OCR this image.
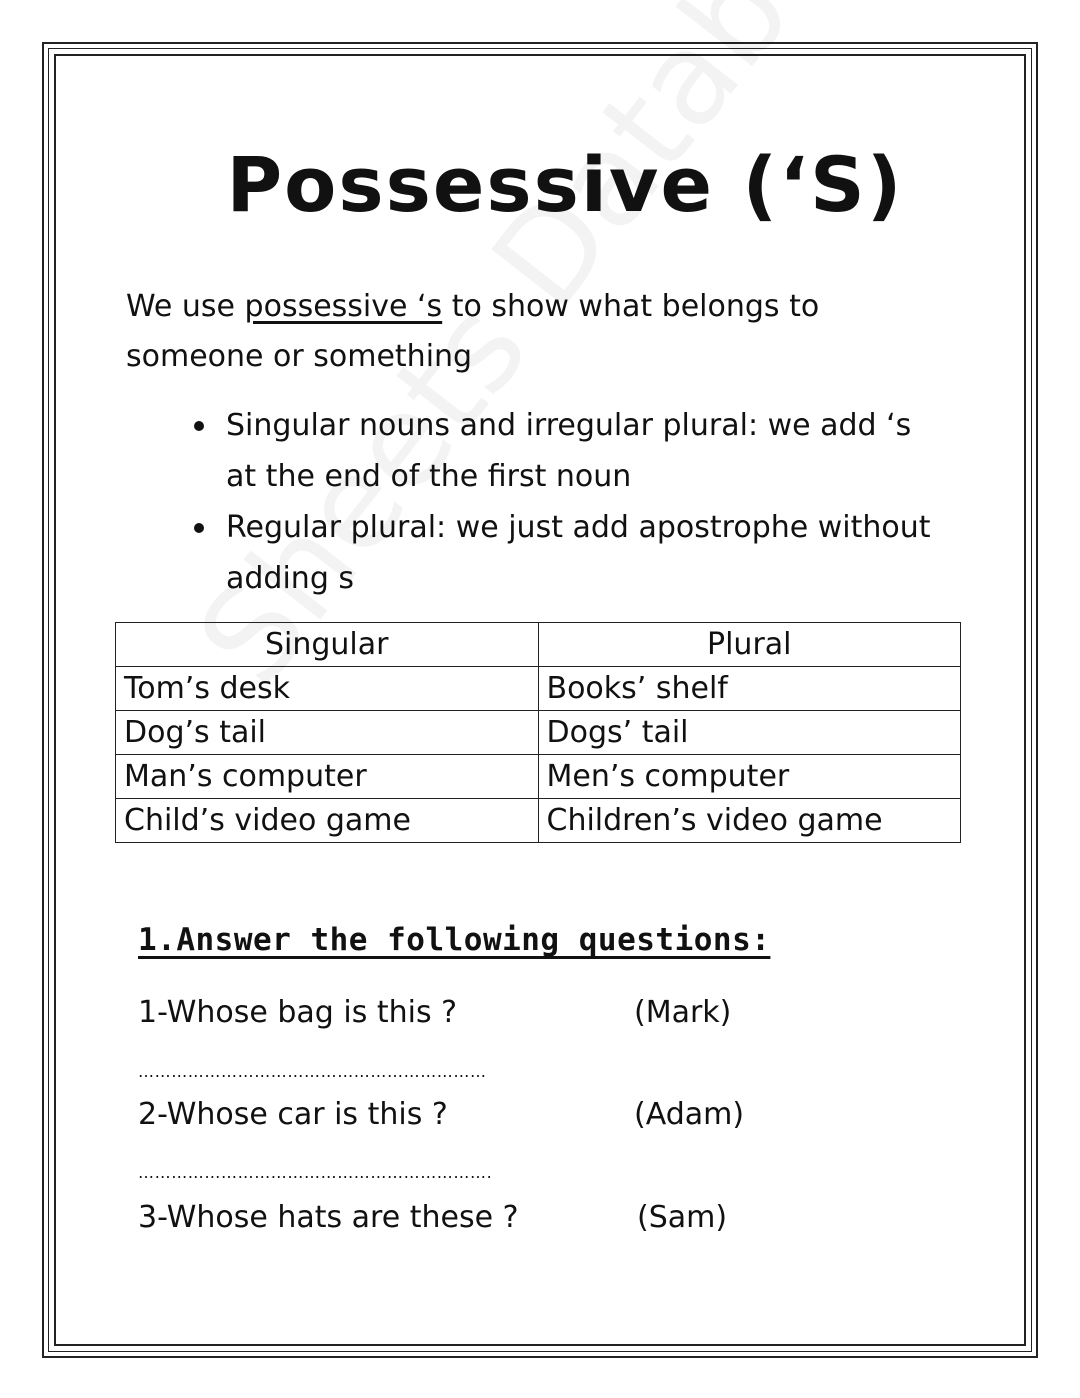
Possessive (‘S)
We use possessive ‘s to show what belongs to someone or something
Singular nouns and irregular plural: we add ‘s at the end of the first noun
Regular plural: we just add apostrophe without adding s
Singular	Plural
Tom’s desk	Books’ shelf
Dog’s tail	Dogs’ tail
Man’s computer	Men’s computer
Child’s video game	Children’s video game
1.Answer the following questions:
1-Whose bag is this ?	(Mark)
………………………………………………………
2-Whose car is this ?	(Adam)
……………………………………………………….
3-Whose hats are these ?	(Sam)
